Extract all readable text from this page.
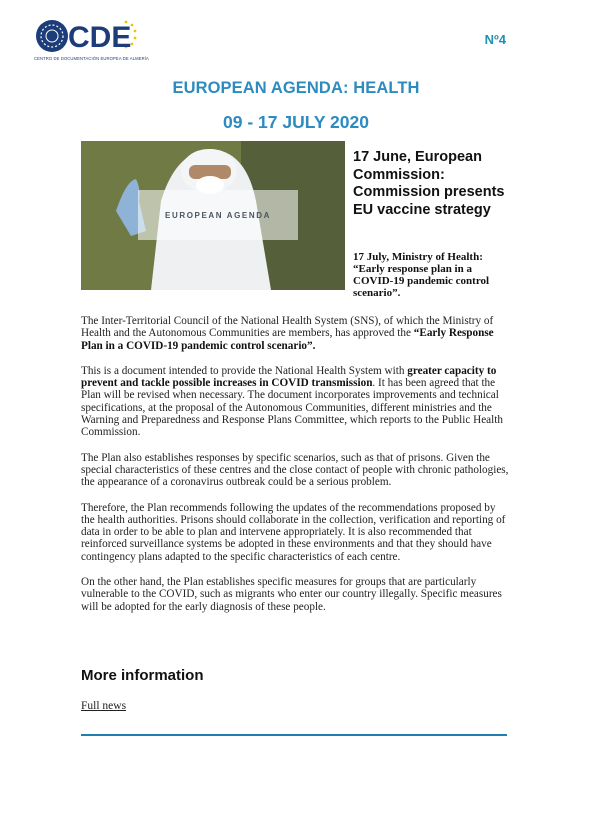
CDE
CENTRO DE DOCUMENTACIÓN EUROPEA DE ALMERÍA
Nº4
EUROPEAN AGENDA: HEALTH
09 - 17 JULY 2020
EUROPEAN AGENDA
17 June, European Commission: Commission presents EU vaccine strategy
17 July, Ministry of Health: “Early response plan in a COVID-19 pandemic control scenario”.

The Inter-Territorial Council of the National Health System (SNS), of which the Ministry of Health and the Autonomous Communities are members, has approved the “Early Response Plan in a COVID-19 pandemic control scenario”.

This is a document intended to provide the National Health System with greater capacity to prevent and tackle possible increases in COVID transmission. It has been agreed that the Plan will be revised when necessary. The document incorporates improvements and technical specifications, at the proposal of the Autonomous Communities, different ministries and the Warning and Preparedness and Response Plans Committee, which reports to the Public Health Commission.

The Plan also establishes responses by specific scenarios, such as that of prisons. Given the special characteristics of these centres and the close contact of people with chronic pathologies, the appearance of a coronavirus outbreak could be a serious problem.

Therefore, the Plan recommends following the updates of the recommendations proposed by the health authorities. Prisons should collaborate in the collection, verification and reporting of data in order to be able to plan and intervene appropriately. It is also recommended that reinforced surveillance systems be adopted in these environments and that they should have contingency plans adapted to the specific characteristics of each centre.

On the other hand, the Plan establishes specific measures for groups that are particularly vulnerable to the COVID, such as migrants who enter our country illegally. Specific measures will be adopted for the early diagnosis of these people.

More information
Full news
